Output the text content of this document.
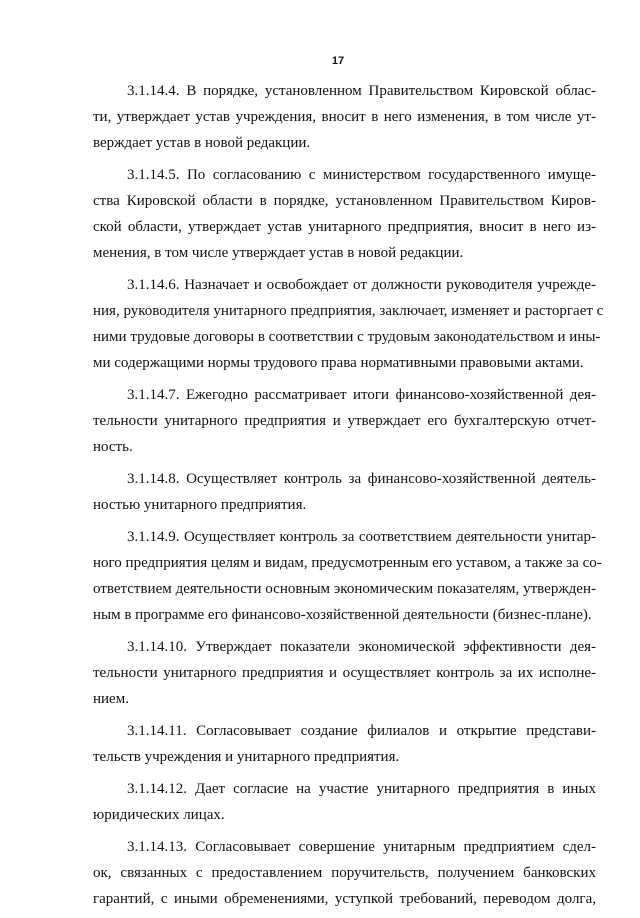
17

3.1.14.4. В порядке, установленном Правительством Кировской облас-
ти, утверждает устав учреждения, вносит в него изменения, в том числе ут-
верждает устав в новой редакции.

3.1.14.5. По согласованию с министерством государственного имуще-
ства Кировской области в порядке, установленном Правительством Киров-
ской области, утверждает устав унитарного предприятия, вносит в него из-
менения, в том числе утверждает устав в новой редакции.

3.1.14.6. Назначает и освобождает от должности руководителя учрежде-
ния, руководителя унитарного предприятия, заключает, изменяет и расторгает с
ними трудовые договоры в соответствии с трудовым законодательством и ины-
ми содержащими нормы трудового права нормативными правовыми актами.

3.1.14.7. Ежегодно рассматривает итоги финансово-хозяйственной дея-
тельности унитарного предприятия и утверждает его бухгалтерскую отчет-
ность.

3.1.14.8. Осуществляет контроль за финансово-хозяйственной деятель-
ностью унитарного предприятия.

3.1.14.9. Осуществляет контроль за соответствием деятельности унитар-
ного предприятия целям и видам, предусмотренным его уставом, а также за со-
ответствием деятельности основным экономическим показателям, утвержден-
ным в программе его финансово-хозяйственной деятельности (бизнес-плане).

3.1.14.10. Утверждает показатели экономической эффективности дея-
тельности унитарного предприятия и осуществляет контроль за их исполне-
нием.

3.1.14.11. Согласовывает создание филиалов и открытие представи-
тельств учреждения и унитарного предприятия.

3.1.14.12. Дает согласие на участие унитарного предприятия в иных
юридических лицах.

3.1.14.13. Согласовывает совершение унитарным предприятием сдел-
ок, связанных с предоставлением поручительств, получением банковских
гарантий, с иными обременениями, уступкой требований, переводом долга,
